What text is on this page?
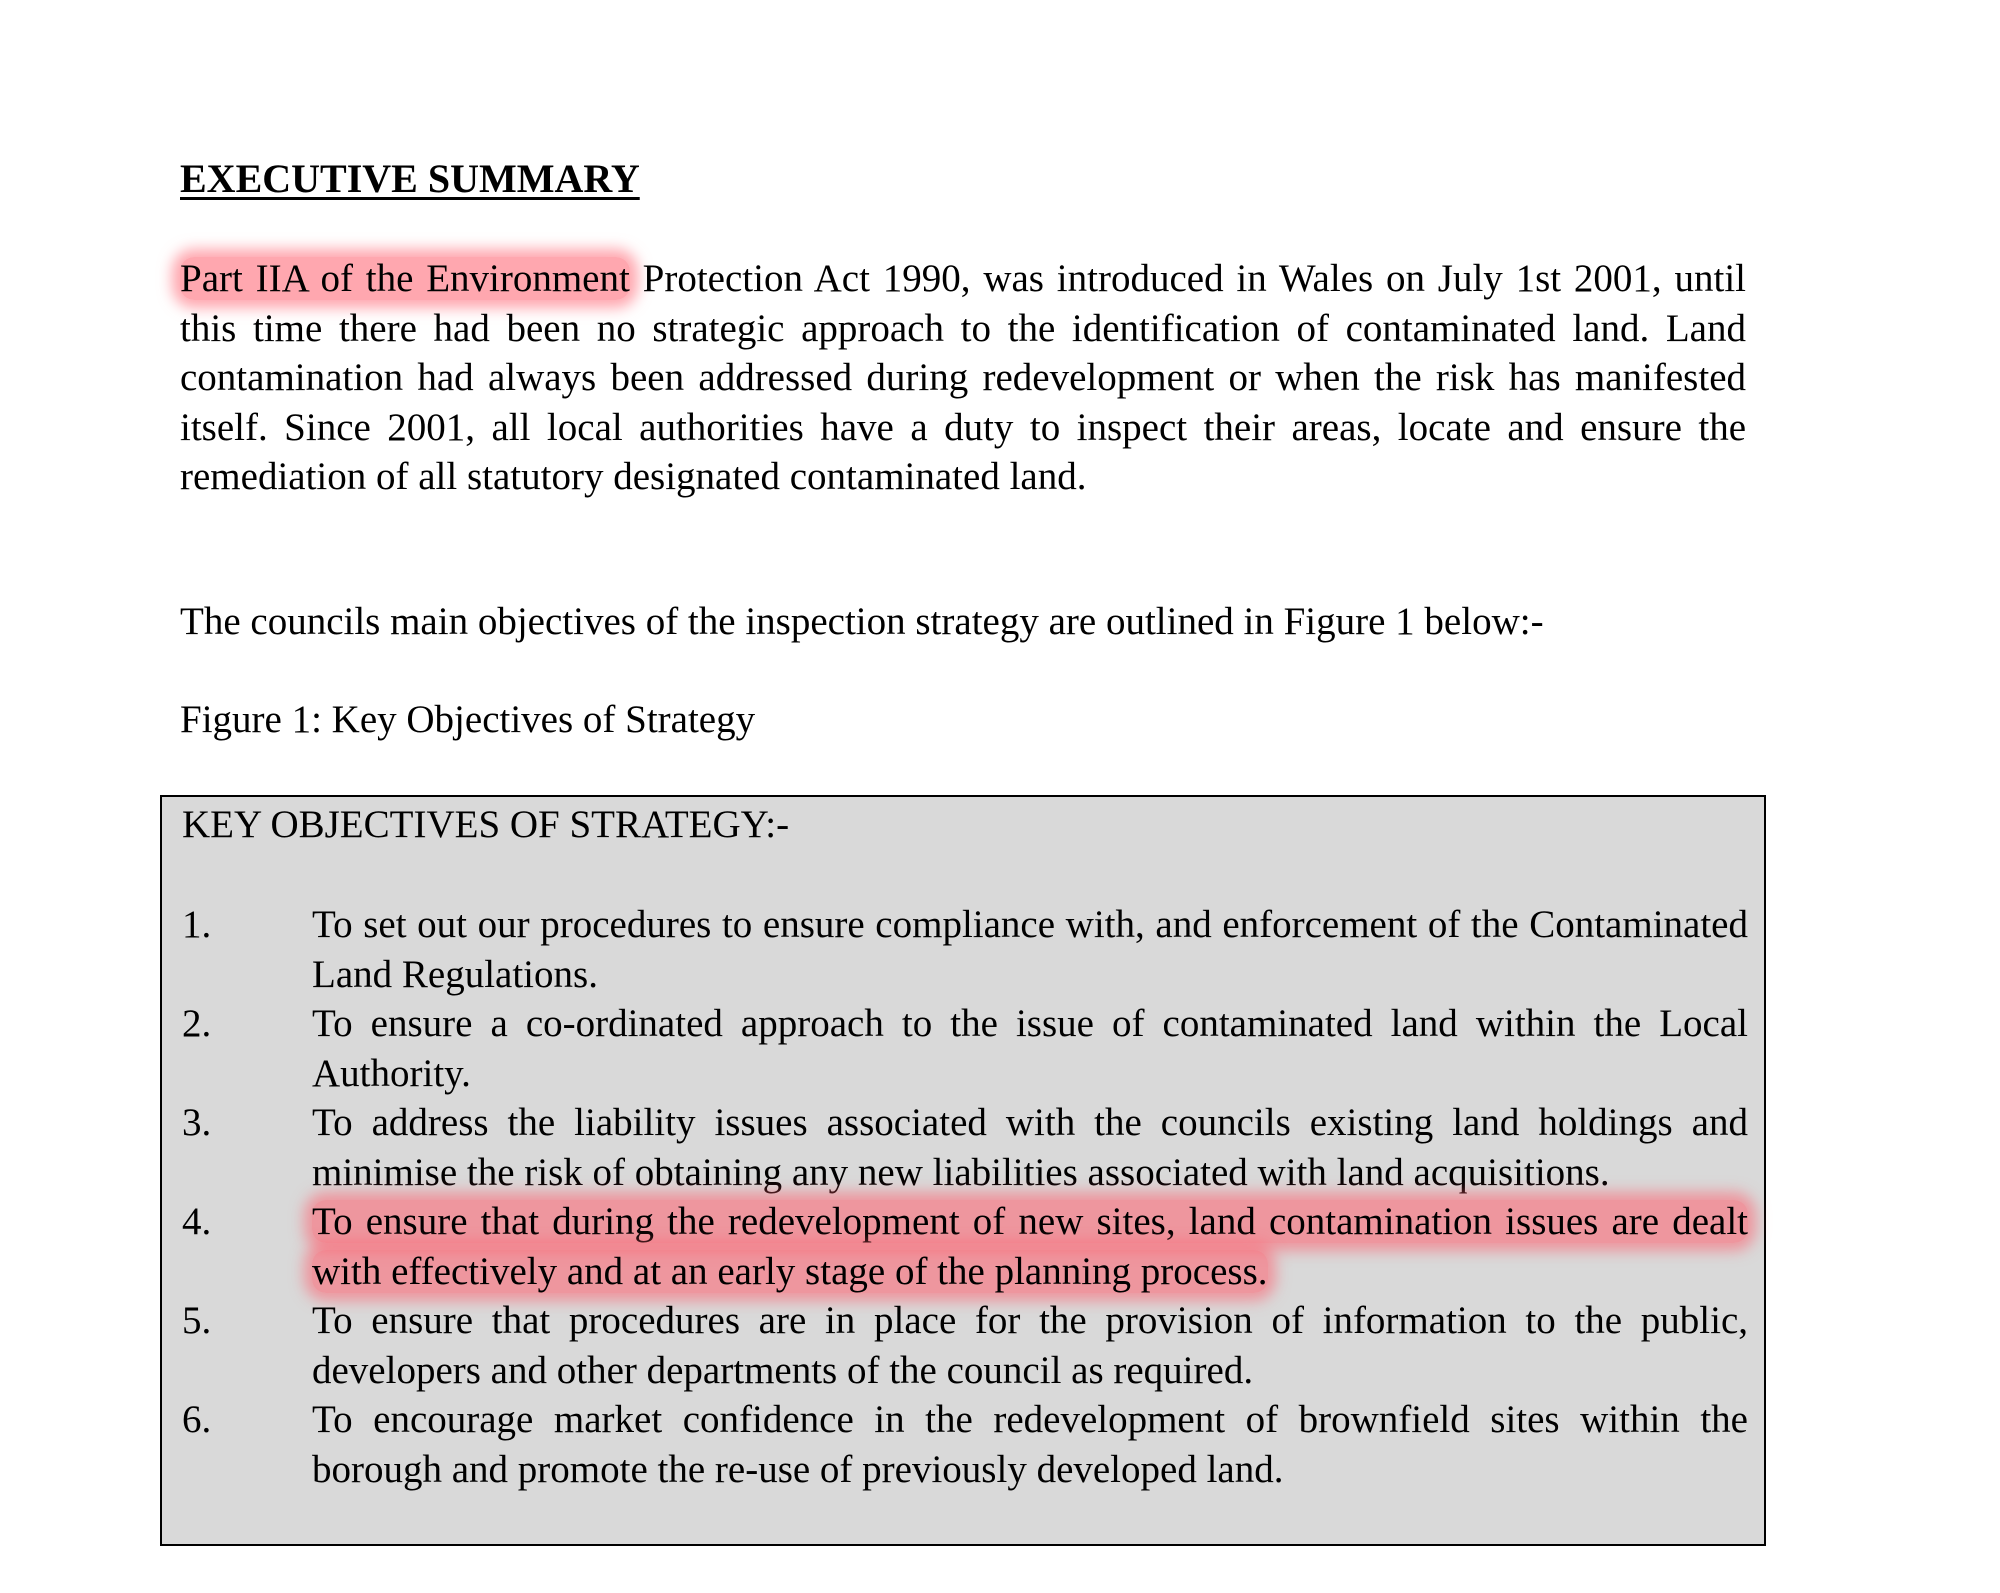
EXECUTIVE SUMMARY

Part IIA of the Environment Protection Act 1990, was introduced in Wales on July 1st 2001, until this time there had been no strategic approach to the identification of contaminated land. Land contamination had always been addressed during redevelopment or when the risk has manifested itself. Since 2001, all local authorities have a duty to inspect their areas, locate and ensure the remediation of all statutory designated contaminated land.

The councils main objectives of the inspection strategy are outlined in Figure 1 below:-

Figure 1: Key Objectives of Strategy
KEY OBJECTIVES OF STRATEGY:-
1.	To set out our procedures to ensure compliance with, and enforcement of the Contaminated Land Regulations.
2.	To ensure a co-ordinated approach to the issue of contaminated land within the Local Authority.
3.	To address the liability issues associated with the councils existing land holdings and minimise the risk of obtaining any new liabilities associated with land acquisitions.
4.	To ensure that during the redevelopment of new sites, land contamination issues are dealt with effectively and at an early stage of the planning process.
5.	To ensure that procedures are in place for the provision of information to the public, developers and other departments of the council as required.
6.	To encourage market confidence in the redevelopment of brownfield sites within the borough and promote the re-use of previously developed land.
